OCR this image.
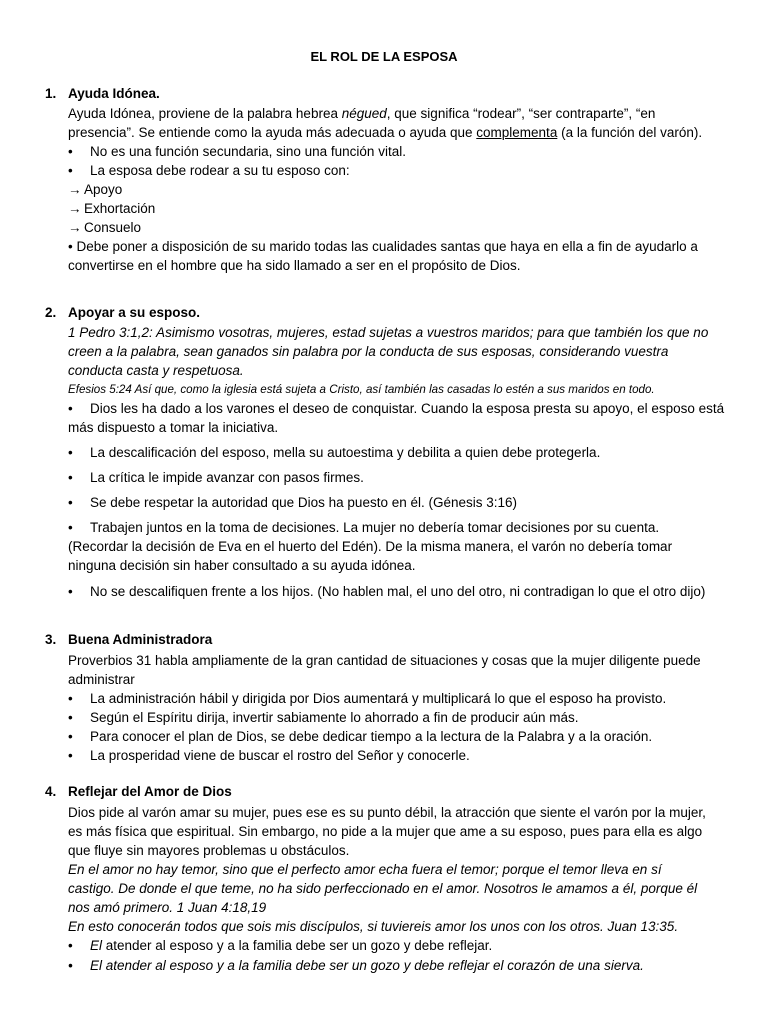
EL ROL DE LA ESPOSA
1. Ayuda Idónea.
Ayuda Idónea, proviene de la palabra hebrea négued, que significa “rodear”, “ser contraparte”, “en
presencia”. Se entiende como la ayuda más adecuada o ayuda que complementa (a la función del varón).
• No es una función secundaria, sino una función vital.
• La esposa debe rodear a su tu esposo con:
→ Apoyo
→ Exhortación
→ Consuelo
• Debe poner a disposición de su marido todas las cualidades santas que haya en ella a fin de ayudarlo a
convertirse en el hombre que ha sido llamado a ser en el propósito de Dios.
2. Apoyar a su esposo.
1 Pedro 3:1,2: Asimismo vosotras, mujeres, estad sujetas a vuestros maridos; para que también los que no
creen a la palabra, sean ganados sin palabra por la conducta de sus esposas, considerando vuestra
conducta casta y respetuosa.
Efesios 5:24 Así que, como la iglesia está sujeta a Cristo, así también las casadas lo estén a sus maridos en todo.
• Dios les ha dado a los varones el deseo de conquistar. Cuando la esposa presta su apoyo, el esposo está
más dispuesto a tomar la iniciativa.
• La descalificación del esposo, mella su autoestima y debilita a quien debe protegerla.
• La crítica le impide avanzar con pasos firmes.
• Se debe respetar la autoridad que Dios ha puesto en él. (Génesis 3:16)
• Trabajen juntos en la toma de decisiones. La mujer no debería tomar decisiones por su cuenta.
(Recordar la decisión de Eva en el huerto del Edén). De la misma manera, el varón no debería tomar
ninguna decisión sin haber consultado a su ayuda idónea.
• No se descalifiquen frente a los hijos. (No hablen mal, el uno del otro, ni contradigan lo que el otro dijo)
3. Buena Administradora
Proverbios 31 habla ampliamente de la gran cantidad de situaciones y cosas que la mujer diligente puede
administrar
• La administración hábil y dirigida por Dios aumentará y multiplicará lo que el esposo ha provisto.
• Según el Espíritu dirija, invertir sabiamente lo ahorrado a fin de producir aún más.
• Para conocer el plan de Dios, se debe dedicar tiempo a la lectura de la Palabra y a la oración.
• La prosperidad viene de buscar el rostro del Señor y conocerle.
4. Reflejar del Amor de Dios
Dios pide al varón amar su mujer, pues ese es su punto débil, la atracción que siente el varón por la mujer,
es más física que espiritual. Sin embargo, no pide a la mujer que ame a su esposo, pues para ella es algo
que fluye sin mayores problemas u obstáculos.
En el amor no hay temor, sino que el perfecto amor echa fuera el temor; porque el temor lleva en sí
castigo. De donde el que teme, no ha sido perfeccionado en el amor. Nosotros le amamos a él, porque él
nos amó primero. 1 Juan 4:18,19
En esto conocerán todos que sois mis discípulos, si tuviereis amor los unos con los otros. Juan 13:35.
• El atender al esposo y a la familia debe ser un gozo y debe reflejar.
• El atender al esposo y a la familia debe ser un gozo y debe reflejar el corazón de una sierva.
